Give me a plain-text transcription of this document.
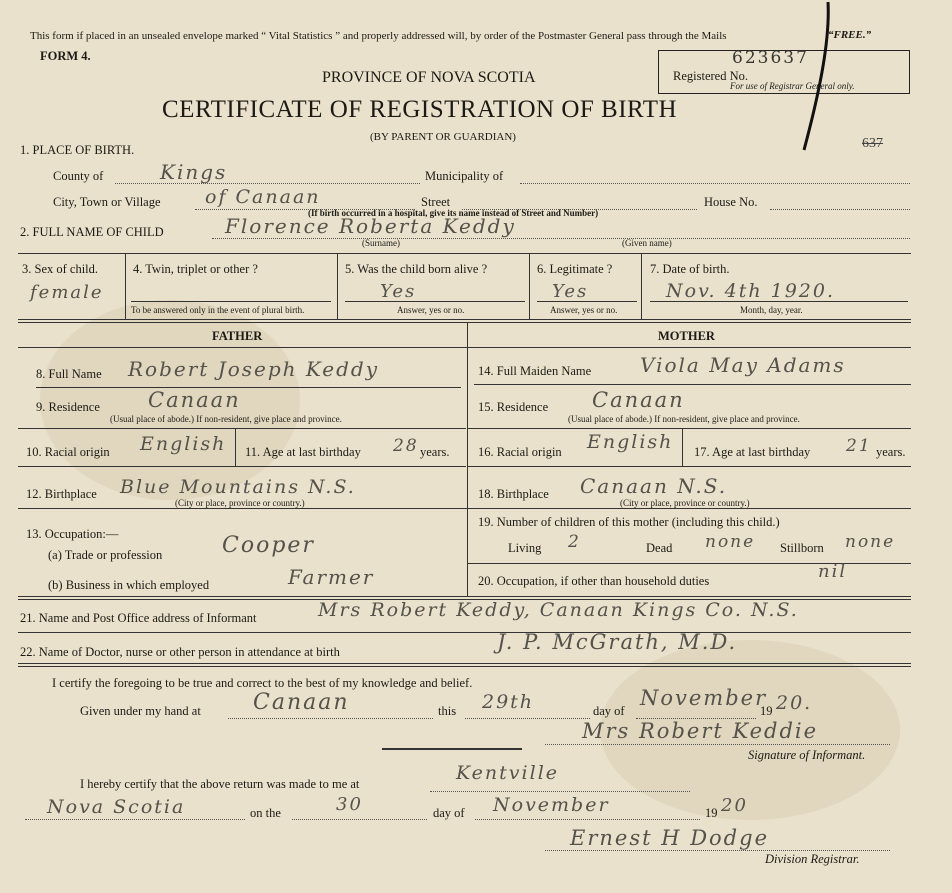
This form if placed in an unsealed envelope marked “ Vital Statistics ” and properly addressed will, by order of the Postmaster General pass through the Mails	“FREE.”
FORM 4.
PROVINCE OF NOVA SCOTIA
CERTIFICATE OF REGISTRATION OF BIRTH
(BY PARENT OR GUARDIAN)
Registered No.
623637
For use of Registrar General only.
637
1. PLACE OF BIRTH.
County of	Kings	Municipality of
City, Town or Village of Canaan	Street	House No.
(If birth occurred in a hospital, give its name instead of Street and Number)
2. FULL NAME OF CHILD	Florence Roberta Keddy
(Surname)	(Given name)
3. Sex of child.
female
4. Twin, triplet or other ?
To be answered only in the event of plural birth.
5. Was the child born alive ?
Yes
Answer, yes or no.
6. Legitimate ?
Yes
Answer, yes or no.
7. Date of birth.
Nov. 4th 1920.
Month, day, year.
FATHER	MOTHER
8. Full Name Robert Joseph Keddy
9. Residence Canaan
(Usual place of abode.) If non-resident, give place and province.
10. Racial origin English 11. Age at last birthday 28 years.
12. Birthplace Blue Mountains N.S.
(City or place, province or country.)
14. Full Maiden Name Viola May Adams
15. Residence Canaan
(Usual place of abode.) If non-resident, give place and province.
16. Racial origin English 17. Age at last birthday 21 years.
18. Birthplace Canaan N.S.
(City or place, province or country.)
13. Occupation:—
(a) Trade or profession	Cooper
(b) Business in which employed	Farmer
19. Number of children of this mother (including this child.)
Living 2	Dead none Stillborn none
20. Occupation, if other than household duties	nil
21. Name and Post Office address of Informant	Mrs Robert Keddy, Canaan Kings Co. N.S.
22. Name of Doctor, nurse or other person in attendance at birth	J. P. McGrath, M.D.
I certify the foregoing to be true and correct to the best of my knowledge and belief.
Given under my hand at Canaan	this 29th	day of
November
19 20.
Mrs Robert Keddie
Signature of Informant.
I hereby certify that the above return was made to me at	Kentville
Nova Scotia	on the	30	day of November	19 20
Ernest H Dodge
Division Registrar.
